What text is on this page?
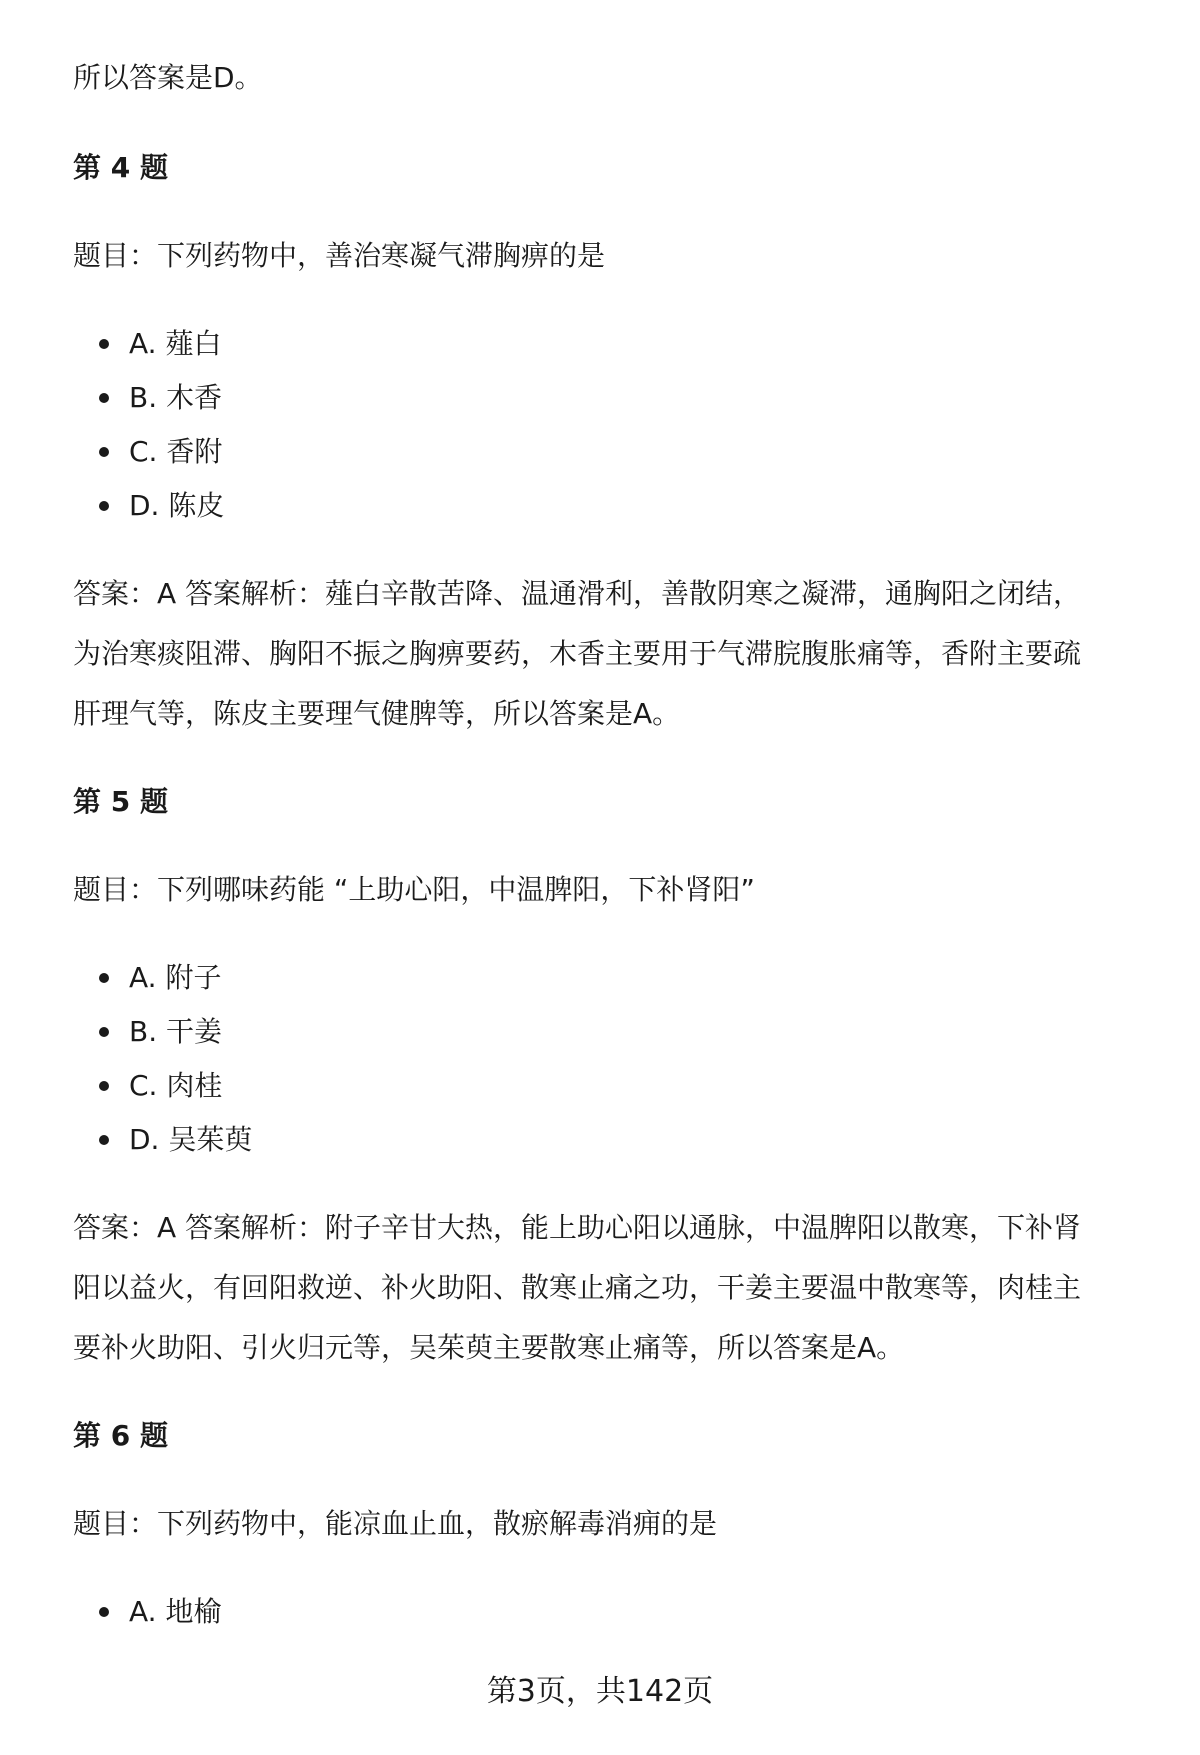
所以答案是D。

第 4 题

题目：下列药物中，善治寒凝气滞胸痹的是

A. 薤白
B. 木香
C. 香附
D. 陈皮

答案：A 答案解析：薤白辛散苦降、温通滑利，善散阴寒之凝滞，通胸阳之闭结，

为治寒痰阻滞、胸阳不振之胸痹要药，木香主要用于气滞脘腹胀痛等，香附主要疏

肝理气等，陈皮主要理气健脾等，所以答案是A。

第 5 题

题目：下列哪味药能 “上助心阳，中温脾阳，下补肾阳”

A. 附子
B. 干姜
C. 肉桂
D. 吴茱萸

答案：A 答案解析：附子辛甘大热，能上助心阳以通脉，中温脾阳以散寒，下补肾

阳以益火，有回阳救逆、补火助阳、散寒止痛之功，干姜主要温中散寒等，肉桂主

要补火助阳、引火归元等，吴茱萸主要散寒止痛等，所以答案是A。

第 6 题

题目：下列药物中，能凉血止血，散瘀解毒消痈的是

A. 地榆
第3页，共142页
